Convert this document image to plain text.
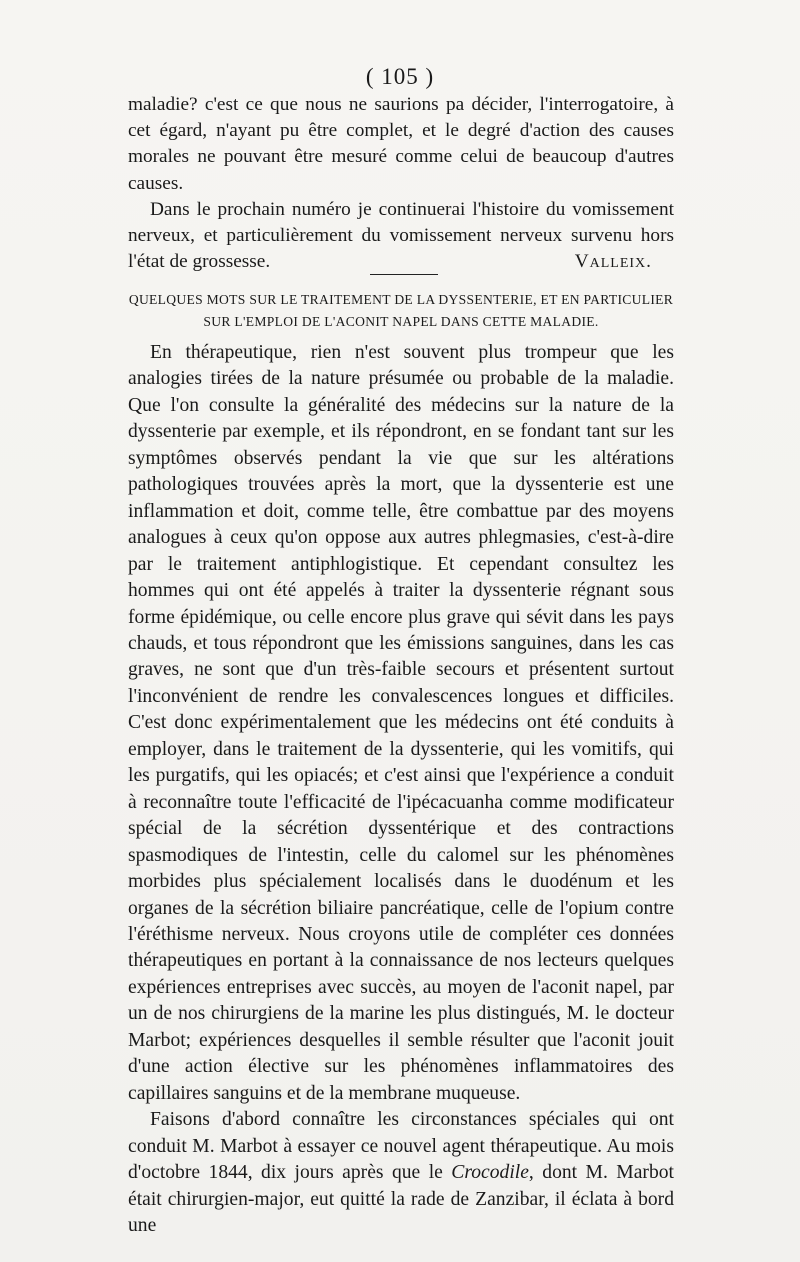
( 105 )

maladie? c'est ce que nous ne saurions pa décider, l'interrogatoire, à cet égard, n'ayant pu être complet, et le degré d'action des causes morales ne pouvant être mesuré comme celui de beaucoup d'autres causes.

Dans le prochain numéro je continuerai l'histoire du vomissement nerveux, et particulièrement du vomissement nerveux survenu hors l'état de grossesse.	Valleix.

QUELQUES MOTS SUR LE TRAITEMENT DE LA DYSSENTERIE, ET EN PARTICULIER
SUR L'EMPLOI DE L'ACONIT NAPEL DANS CETTE MALADIE.

En thérapeutique, rien n'est souvent plus trompeur que les analogies tirées de la nature présumée ou probable de la maladie. Que l'on consulte la généralité des médecins sur la nature de la dyssenterie par exemple, et ils répondront, en se fondant tant sur les symptômes observés pendant la vie que sur les altérations pathologiques trouvées après la mort, que la dyssenterie est une inflammation et doit, comme telle, être combattue par des moyens analogues à ceux qu'on oppose aux autres phlegmasies, c'est-à-dire par le traitement antiphlogistique. Et cependant consultez les hommes qui ont été appelés à traiter la dyssenterie régnant sous forme épidémique, ou celle encore plus grave qui sévit dans les pays chauds, et tous répondront que les émissions sanguines, dans les cas graves, ne sont que d'un très-faible secours et présentent surtout l'inconvénient de rendre les convalescences longues et difficiles. C'est donc expérimentalement que les médecins ont été conduits à employer, dans le traitement de la dyssenterie, qui les vomitifs, qui les purgatifs, qui les opiacés; et c'est ainsi que l'expérience a conduit à reconnaître toute l'efficacité de l'ipécacuanha comme modificateur spécial de la sécrétion dyssentérique et des contractions spasmodiques de l'intestin, celle du calomel sur les phénomènes morbides plus spécialement localisés dans le duodénum et les organes de la sécrétion biliaire pancréatique, celle de l'opium contre l'éréthisme nerveux. Nous croyons utile de compléter ces données thérapeutiques en portant à la connaissance de nos lecteurs quelques expériences entreprises avec succès, au moyen de l'aconit napel, par un de nos chirurgiens de la marine les plus distingués, M. le docteur Marbot; expériences desquelles il semble résulter que l'aconit jouit d'une action élective sur les phénomènes inflammatoires des capillaires sanguins et de la membrane muqueuse.

Faisons d'abord connaître les circonstances spéciales qui ont conduit M. Marbot à essayer ce nouvel agent thérapeutique. Au mois d'octobre 1844, dix jours après que le Crocodile, dont M. Marbot était chirurgien-major, eut quitté la rade de Zanzibar, il éclata à bord une
